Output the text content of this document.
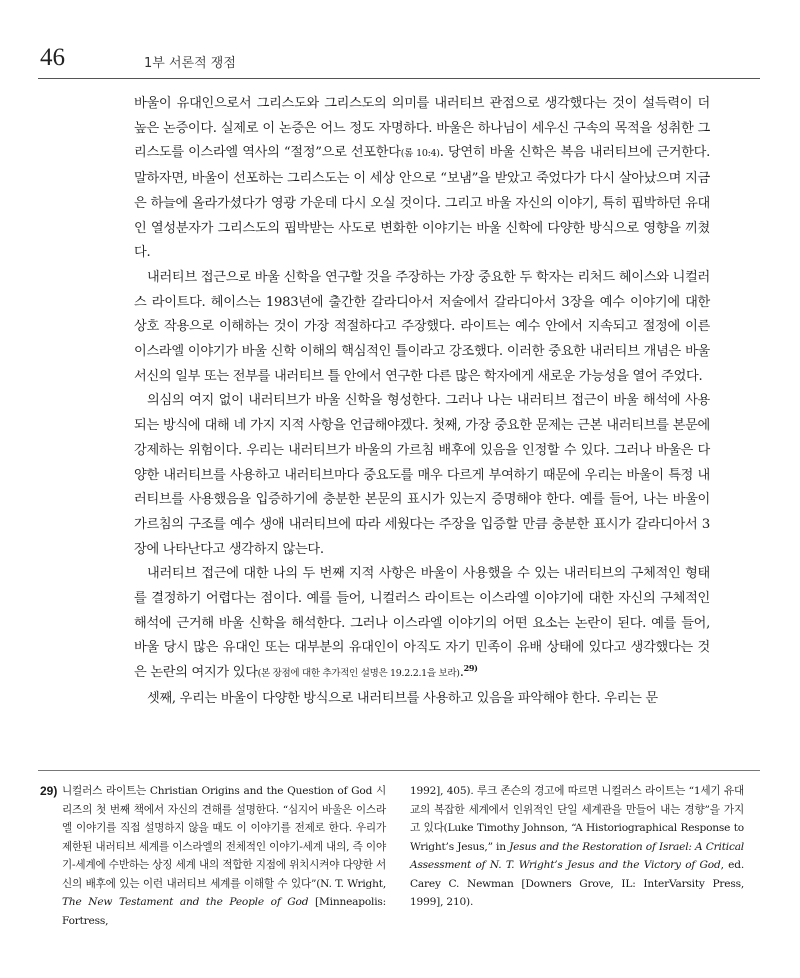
46	1부 서론적 쟁점

바울이 유대인으로서 그리스도와 그리스도의 의미를 내러티브 관점으로 생각했다는 것이 설득력이 더 높은 논증이다. 실제로 이 논증은 어느 정도 자명하다. 바울은 하나님이 세우신 구속의 목적을 성취한 그리스도를 이스라엘 역사의 “절정”으로 선포한다(롬 10:4). 당연히 바울 신학은 복음 내러티브에 근거한다. 말하자면, 바울이 선포하는 그리스도는 이 세상 안으로 “보냄”을 받았고 죽었다가 다시 살아났으며 지금은 하늘에 올라가셨다가 영광 가운데 다시 오실 것이다. 그리고 바울 자신의 이야기, 특히 핍박하던 유대인 열성분자가 그리스도의 핍박받는 사도로 변화한 이야기는 바울 신학에 다양한 방식으로 영향을 끼쳤다.

내러티브 접근으로 바울 신학을 연구할 것을 주장하는 가장 중요한 두 학자는 리처드 헤이스와 니컬러스 라이트다. 헤이스는 1983년에 출간한 갈라디아서 저술에서 갈라디아서 3장을 예수 이야기에 대한 상호 작용으로 이해하는 것이 가장 적절하다고 주장했다. 라이트는 예수 안에서 지속되고 절정에 이른 이스라엘 이야기가 바울 신학 이해의 핵심적인 틀이라고 강조했다. 이러한 중요한 내러티브 개념은 바울 서신의 일부 또는 전부를 내러티브 틀 안에서 연구한 다른 많은 학자에게 새로운 가능성을 열어 주었다.

의심의 여지 없이 내러티브가 바울 신학을 형성한다. 그러나 나는 내러티브 접근이 바울 해석에 사용되는 방식에 대해 네 가지 지적 사항을 언급해야겠다. 첫째, 가장 중요한 문제는 근본 내러티브를 본문에 강제하는 위험이다. 우리는 내러티브가 바울의 가르침 배후에 있음을 인정할 수 있다. 그러나 바울은 다양한 내러티브를 사용하고 내러티브마다 중요도를 매우 다르게 부여하기 때문에 우리는 바울이 특정 내러티브를 사용했음을 입증하기에 충분한 본문의 표시가 있는지 증명해야 한다. 예를 들어, 나는 바울이 가르침의 구조를 예수 생애 내러티브에 따라 세웠다는 주장을 입증할 만큼 충분한 표시가 갈라디아서 3장에 나타난다고 생각하지 않는다.

내러티브 접근에 대한 나의 두 번째 지적 사항은 바울이 사용했을 수 있는 내러티브의 구체적인 형태를 결정하기 어렵다는 점이다. 예를 들어, 니컬러스 라이트는 이스라엘 이야기에 대한 자신의 구체적인 해석에 근거해 바울 신학을 해석한다. 그러나 이스라엘 이야기의 어떤 요소는 논란이 된다. 예를 들어, 바울 당시 많은 유대인 또는 대부분의 유대인이 아직도 자기 민족이 유배 상태에 있다고 생각했다는 것은 논란의 여지가 있다(본 장점에 대한 추가적인 설명은 19.2.2.1을 보라).$^{29)}$

셋째, 우리는 바울이 다양한 방식으로 내러티브를 사용하고 있음을 파악해야 한다. 우리는 문

29) 니컬러스 라이트는 Christian Origins and the Question of God 시리즈의 첫 번째 책에서 자신의 견해를 설명한다. “심지어 바울은 이스라엘 이야기를 직접 설명하지 않을 때도 이 이야기를 전제로 한다. 우리가 제한된 내러티브 세계를 이스라엘의 전체적인 이야기-세계 내의, 즉 이야기-세계에 수반하는 상징 세계 내의 적합한 지점에 위치시켜야 다양한 서신의 배후에 있는 이런 내러티브 세계를 이해할 수 있다”(N. T. Wright, The New Testament and the People of God [Minneapolis: Fortress,
1992], 405). 루크 존슨의 경고에 따르면 니컬러스 라이트는 “1세기 유대교의 복잡한 세계에서 인위적인 단일 세계관을 만들어 내는 경향”을 가지고 있다(Luke Timothy Johnson, “A Historiographical Response to Wright’s Jesus,” in Jesus and the Restoration of Israel: A Critical Assessment of N. T. Wright’s Jesus and the Victory of God, ed. Carey C. Newman [Downers Grove, IL: InterVarsity Press, 1999], 210).
